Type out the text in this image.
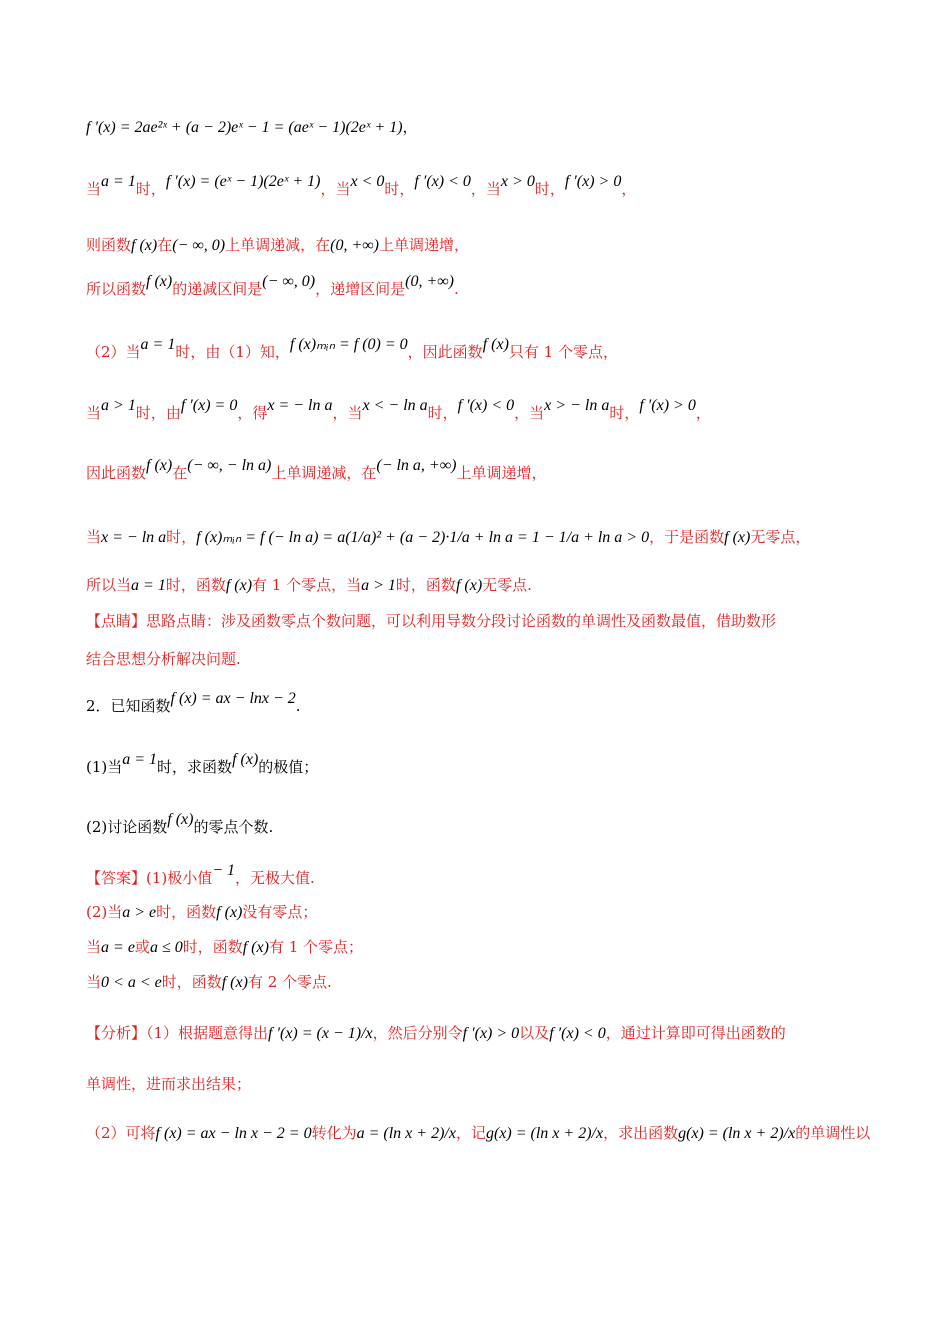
f ′(x) = 2ae²ˣ + (a − 2)eˣ − 1 = (aeˣ − 1)(2eˣ + 1)，
当a = 1时，f ′(x) = (eˣ − 1)(2eˣ + 1)，当x < 0时，f ′(x) < 0，当x > 0时，f ′(x) > 0，
则函数f (x)在(− ∞, 0)上单调递减，在(0, +∞)上单调递增，
所以函数f (x)的递减区间是(− ∞, 0)，递增区间是(0, +∞).
（2）当a = 1时，由（1）知，f (x)ₘᵢₙ = f (0) = 0，因此函数f (x)只有 1 个零点，
当a > 1时，由f ′(x) = 0，得x = − ln a，当x < − ln a时，f ′(x) < 0，当x > − ln a时，f ′(x) > 0，
因此函数f (x)在(− ∞, − ln a)上单调递减，在(− ln a, +∞)上单调递增，
当x = − ln a时，f (x)ₘᵢₙ = f (− ln a) = a(1/a)² + (a − 2)·1/a + ln a = 1 − 1/a + ln a > 0，于是函数f (x)无零点，
所以当a = 1时，函数f (x)有 1 个零点，当a > 1时，函数f (x)无零点.
【点睛】思路点睛：涉及函数零点个数问题，可以利用导数分段讨论函数的单调性及函数最值，借助数形
结合思想分析解决问题.
2．已知函数f (x) = ax − lnx − 2.
(1)当a = 1时，求函数f (x)的极值；
(2)讨论函数f (x)的零点个数.
【答案】(1)极小值− 1，无极大值.
(2)当a > e时，函数f (x)没有零点；
当a = e或a ≤ 0时，函数f (x)有 1 个零点；
当0 < a < e时，函数f (x)有 2 个零点.
【分析】（1）根据题意得出f ′(x) = (x − 1)/x，然后分别令f ′(x) > 0以及f ′(x) < 0，通过计算即可得出函数的
单调性，进而求出结果；
（2）可将f (x) = ax − ln x − 2 = 0转化为a = (ln x + 2)/x，记g(x) = (ln x + 2)/x，求出函数g(x) = (ln x + 2)/x的单调性以
